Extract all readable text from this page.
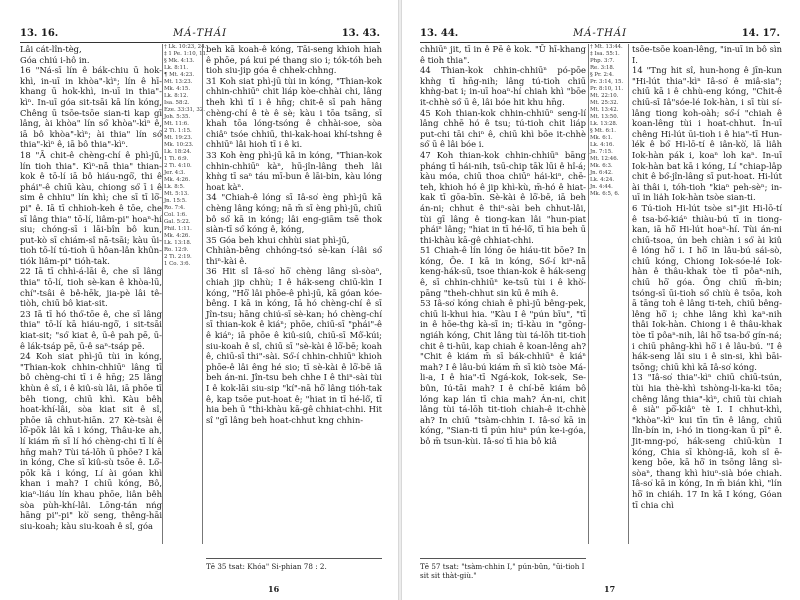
13. 16.	MÁ-THÁI	13. 43.
Lâi cát-lîn-tèg,
Góa chiú i-hô in.
16 "Ná-sī lín ê bák-chiu ū hok-khì, in-uī in khòa"-kìⁿ; lín ê hī-khang ū hok-khì, in-uī in thia"-kìⁿ. In-uī góa sit-tsāi kā lín kóng, Chêng ū tsōe-tsōe sian-ti kap gī lâng, ài khòa" lín só͘ khòa"-kìⁿ ê, iā bô khòa"-kìⁿ; ài thia" lín só͘ thia"-kìⁿ ê, iā bô thia"-kìⁿ.
18 "Ā chit-ê chèng-chí ê phì-jū, lín tioh thia". Kìⁿ-nā thia" thian-kok ê tō-lí iā bô hiáu-ngō͘, thi ê phái"-ê chiū kàu, chiong só͘ ī i ê sim ê chhiu" lín khì; che sī tī lō͘-pi" ê. Iā tī chhioh-keh ê tōe, che sī lâng thia" tō-lí, liâm-pi" hoaⁿ-hí siu; chóng-sī i lāi-bîn bô kun, put-kò sī chiám-sî nā-tsāi; kàu ūi-tioh tō-lí tú-tioh ū hôan-lân khûn-tiók liâm-pi" tióh-tak.
22 Iā tī chhì-á-lāi ê, che sī lâng thia" tō-lí, tioh sè-kan ê khòa-lū, chí"-tsâi ê bê-hēk, jia-pè lâi tê-tiòh, chiū bô kiat-sit.
23 Iā tī hó thó͘-tōe ê, che sī lâng thia" tō-lí kā hiáu-ngō͘, i sit-tsāi kiat-sit; "só͘ kiat ê, ū-ê pah pē, ū-ê lák-tsáp pē, ū-ê saⁿ-tsáp pē.
24 Koh siat phì-jū tùi in kóng, "Thian-kok chhin-chhiūⁿ lâng tī bô chèng-chi tī i ê hn̄g; 25 lâng khùn ê sî, i ê kiû-sù lâi, iā phōe tī bêh tiong, chiū khì. Kàu bêh hoat-khí-lâi, sòa kiat sit ê sî, phōe iā chhut-hiān. 27 Kè-tsài ê lō͘-pōk lâi kā i kóng, Thâu-ke ah, lí kiám m̄ sī lí hó chèng-chi tī lí ê hn̄g mah? Tùi tá-lōh ū phōe? I kā in kóng, Che sī kiû-sù tsōe ê. Lō͘-pōk kā i kóng, Lí ài góan khì khan i mah? I chiū kóng, Bô, kiaⁿ-liáu lín khau phōe, liân bêh sòa pùh-khí-lâi. Lōng-tán nńg hāng pi"-pi" kò͘ seng, thêng-hāi siu-koah; kàu siu-koah ê sî, góa
† Lk. 10:23, 24.
‡ 1 Pe. 1:10, 11.
§ Mk. 4:13.
Lk. 8:11.
¶ Mt. 4:23.
Mt. 13:23.
Mk. 4:15.
Lk. 8:12.
Isa. 58:2.
Eze. 33:31, 32.
Joh. 5:35.
Mt. 11:6.
2 Ti. 1:15.
Mt. 19:23.
Mk. 10:23.
Lk. 18:24.
1 Ti. 6:9.
2 Ti. 4:10.
Jer. 4:3.
Mk. 4:26.
Lk. 8:5.
Mt. 5:13.
Jn. 15:5.
Ro. 7:4.
Col. 1:6.
Gal. 5:22.
Phil. 1:11.
Mk. 4:26.
Lk. 13:18.
Ro. 12:9.
2 Ti. 2:19.
1 Co. 3:6.
beh kā koah-ê kóng, Tāi-seng khioh hiah ê phōe, pá kui pé thang sio i; tók-tóh beh tioh siu-jip góa ê chhek-chhng.
31 Koh siat phì-jū tùi in kóng, "Thian-kok chhin-chhiūⁿ chit liáp kòe-chhài chi, lâng theh khì tī i ê hn̄g; chit-ê sī pah hāng chèng-chí ê tè ê sè; kàu i tōa tsāng, sī khah tōa lóng-tsóng ê chhài-soe, sòa chiâⁿ tsóe chhiū, thi-kak-hoai khí-tshng ê chhiūⁿ lâi hioh tī i ê ki.
33 Koh èng phì-jū kā in kóng, "Thian-kok chhin-chhiūⁿ kàⁿ, hū-jîn-lâng theh lâi khǹg tī saⁿ táu mī-bun ê lāi-bin, kàu lóng hoat kàⁿ.
34 "Chiah-ê lóng sī Iâ-so͘ èng phì-jū kā chèng lâng kóng; nā m̄ sī èng phì-jū, chiū bô só͘ kā in kóng; lâi eng-giām tsē thok siàn-tī só͘ kóng ê, kóng,
35 Góa beh khui chhùi siat phì-jū,
Chhiàn-bêng chhóng-tsó sè-kan í-lâi só͘ thiⁿ-kài ê.
36 Hit sî Iâ-so͘ hō͘ chèng lâng sì-sòaⁿ, chiah jip chhù; I ê hák-seng chiū-kìn I kóng, "Hō͘ lâi phōe-ê phì-jū, kā góan kóe-bêng. I kā in kóng, Iā hó chèng-chí ê sī Jîn-tsu; hāng chiú-sī sè-kan; hó chèng-chí sī thian-kok ê kiáⁿ; phōe, chiū-sī "phái"-ê ê kiáⁿ; iā phōe ê kiû-siû, chiū-sī Mô͘-kúi; siu-koah ê sî, chiū sī "sè-kài ê lō͘-bē; koah ê, chiū-sī thi"-sài. Só͘-í chhin-chhiūⁿ khioh phōe-ê lâi êng hé sio; tī sè-kài ê lō͘-bē iā beh án-ni. Jîn-tsu beh chhe I ê thiⁿ-sài tùi I ê kok-lāi siu-sip "kí"-nā hō͘ lâng tióh-tak ê, kap tsōe put-hoat ê; "hiat in tī hé-lô͘, tī hia beh ū "thi-khàu kā-gê chhiat-chhi. Hit sî "gī lâng beh hoat-chhut kng chhin-
Tē 35 tsat: Khóa" Si-phian 78 : 2.
16
13. 44.	MÁ-THÁI	14. 17.
chhiūⁿ jit, tī in ê Pē ê kok. "Ū hī-khang ê tioh thia".
44 Thian-kok chhin-chhiūⁿ pó-pōe khǹg tī hn̄g-nih; lâng tú-tioh chiū khǹg-bat i; in-uī hoaⁿ-hí chiah khì "bōe it-chhè só͘ ū ê, lâi bóe hit khu hn̄g.
45 Koh thian-kok chhin-chhiūⁿ seng-lí lâng chhē hó ê tsu; tú-tioh chit liáp put-chi tāi chiⁿ ê, chiū khì bōe it-chhè só͘ ū ê lâi bóe i.
47 Koh thian-kok chhin-chhiūⁿ bāng pháng tī hái-nih, tsū-chip tāk lūi ê hî-á; kàu móa, chiū thoa chiūⁿ hái-kiⁿ, chē-teh, khioh hó ê jip khì-kù, m̄-hó ê hiat-kak tī gōa-bīn. Sè-kài ê lō͘-bē, iā beh án-ni; chhut ê thiⁿ-sài beh chhut-lâi, tùi gī lâng ê tiong-kan lâi "hun-piat pháiⁿ lâng; "hiat in tī hé-lô͘, tī hia beh ū thi-khàu kā-gê chhiat-chhi.
51 Chiah-ê lín lóng ōe hiáu-tit bōe? In kóng, Ōe. I kā in kóng, Só͘-í kiⁿ-nā keng-hák-sū, tsoe thian-kok ê hák-seng ê, sī chhin-chhiūⁿ ke-tsū tùi i ê khò͘-pāng "theh-chhut sin kū ê mih ê.
53 Iâ-so͘ kóng chiah ê phì-jū bêng-pek, chiū li-khui hia. "Kàu I ê "pún bīu", "tī in ê hōe-thg kà-sī in; tī-kàu in "gōng-ngiáh kóng, Chit lâng tùi tá-lōh tit-tioh chit ê ti-hūi, kap chiah ê koan-lêng ah? "Chit ê kiám m̄ sī bák-chhiūⁿ ê kiáⁿ mah? I ê lâu-bú kiám m̄ sī kiò tsòe Má-li-a, I ê hia"-tī Ngá-kok, Iok-sek, Se-bûn, Iú-tāi mah? I ê chí-bē kiám bô lóng kap lán tī chia mah? Án-ni, chit lâng tùi tá-lōh tit-tioh chiah-ê it-chhè ah? In chiū "tsàm-chhin I. Iâ-so͘ kā in kóng, "Sian-ti tī pún hiuⁿ pún ke-i-góa, bô m̄ tsun-kùi. Iâ-so͘ tī hia bô kiâ
† Mt. 13:44.
‡ Isa. 55:1.
Php. 3:7.
Re. 3:18.
§ Pr. 2:4.
Pr. 3:14, 15.
Pr. 8:10, 11.
Mt. 22:10.
Mt. 25:32.
Mt. 13:42.
Mt. 13:50.
Lk. 13:28.
§ Mt. 6:1.
Mk. 6:1.
Lk. 4:16.
Jn. 7:15.
Mt. 12:46.
Mk. 6:3.
Jn. 6:42.
Lk. 4:24.
Jn. 4:44.
Mk. 6:5, 6.
tsōe-tsōe koan-lêng, "in-uī in bô sìn I.
14 "Tng hit sî, hun-hong ê jīn-kun "Hi-lút thia"-kìⁿ Iâ-so͘ ê miâ-sia"; chiū kā i ê chhù-eng kóng, "Chit-ê chiū-sī Iâ"sóe-lé Iok-hàn, i sī tùi sí-lâng tiong koh-oàh; só͘-í "chiah ê koan-lêng tùi i hoat-chhut. Ín-uī chêng Hi-lút ūi-tioh i ê hia"-tī Hun-lék ê bó͘ Hi-lō-tí ê iân-kò͘, lā liâh Iok-hàn pák i, koaⁿ loh kaⁿ. In-uī Iok-hàn bat kā i kóng, Lí "chiap-lâp chit ê bó͘-jîn-lâng sī put-hoat. Hi-lút ài thâi i, tóh-tioh "kiaⁿ peh-sèⁿ; in-uī in lia̍h Iok-hàn tsòe sian-ti.
6 Tú-tioh Hi-lút tsòe si"-jit Hi-lō-tí ê tsa-bó͘-kiáⁿ thiàu-bú tī in tiong-kan, iā hō͘ Hi-lút hoaⁿ-hí. Tùi án-ni chiū-tsoa, ún beh chiàn i só͘ ài kiû ê lóng hō͘ i. I hō͘ in lâu-bú sái-sò, chiū kóng, Chiong Iok-sóe-lé Iok-hàn ê thâu-khak tòe tī pôaⁿ-nih, chiū hō͘ góa. Ông chiū m̄-bin; tsóng-sī ūi-tioh só͘ chiù ê tsōa, koh ā tāng toh ê lâng ti-teh, chiū bêng-lêng hō͘ i; chhe lâng khì kaⁿ-nih thâi Iok-hàn. Chiong i ê thâu-khak tòe tī pôaⁿ-nih, lâi hō͘ tsa-bó͘ gín-ná; i chiū phâng-khì hō͘ i ê lâu-bú. "I ê hák-seng lâi siu i ê sin-si, khì bāi-tsōng; chiū khì kā Iâ-so͘ kóng.
13 "Iâ-so͘ thia"-kìⁿ chiū chiū-tsún, tùi hia thè-khì tshòng-li-ka-ki tōa; chêng lâng thia"-kìⁿ, chiū tùi chiah ê sià" pō͘-kiâⁿ tè I. I chhut-khì, "khòa"-kìⁿ kui tīn tīn ê lâng, chiū lîn-bín in, i-hó in tiong-kan ū pī" ê. Jit-mng-po͘, hák-seng chiū-kùn I kóng, Chia sī khòng-iā, koh sî ē-keng bōe, kā hō͘ in tsōng lâng sì-sòaⁿ, thang khì hiuⁿ-sià bóe chiah. Iâ-so͘ kā in kóng, In m̄ bián khì, "lín hō͘ in chiáh. 17 In kā I kóng, Góan tī chia chì
Tē 57 tsat: "tsàm-chhin I," pún-bûn, "ūi-tioh I sit sit thàt-giù."
17
